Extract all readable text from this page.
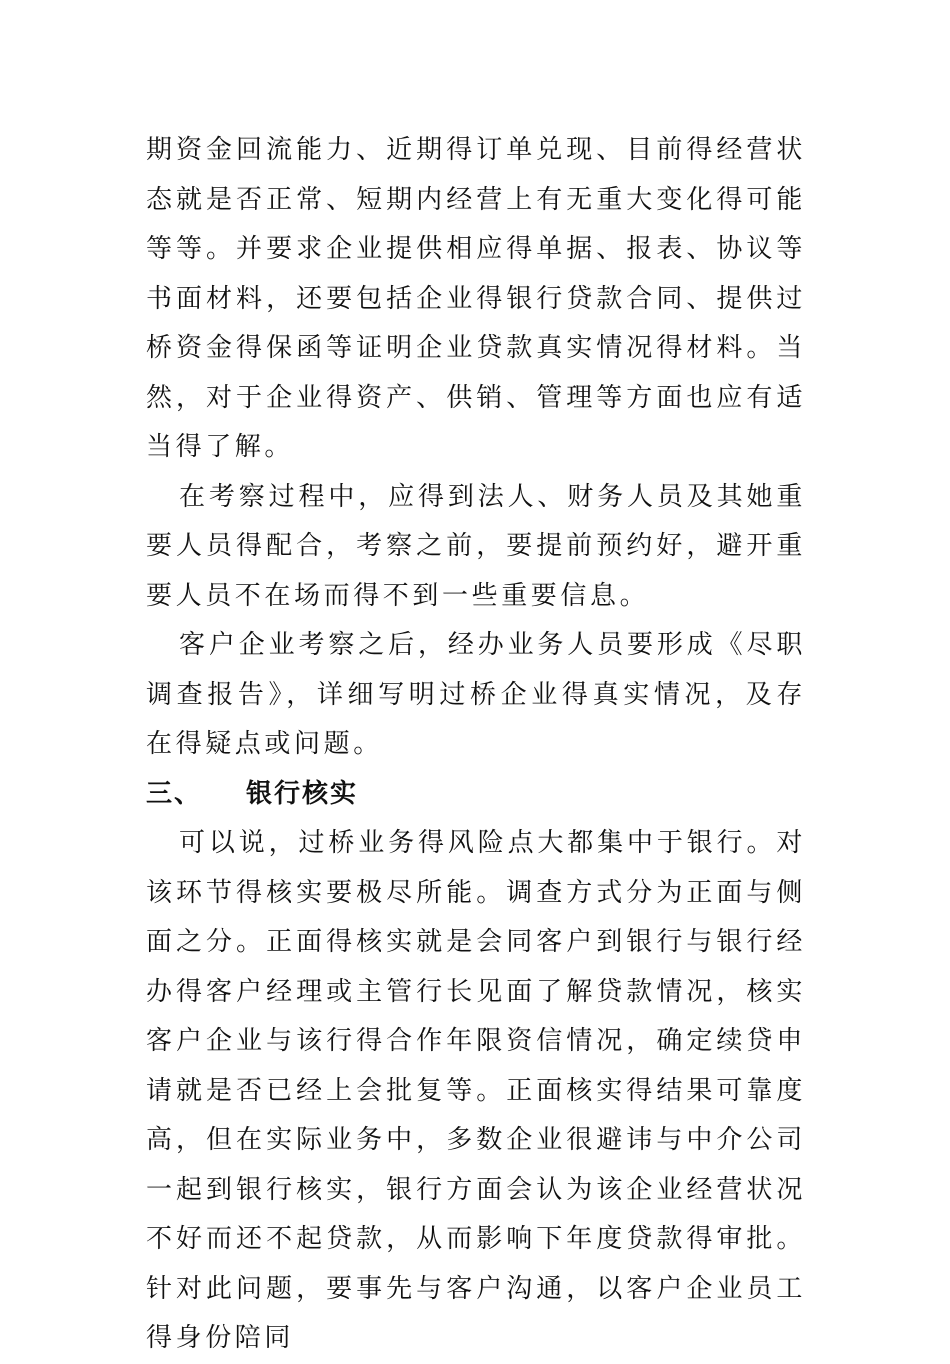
期资金回流能力、近期得订单兑现、目前得经营状态就是否正常、短期内经营上有无重大变化得可能等等。并要求企业提供相应得单据、报表、协议等书面材料，还要包括企业得银行贷款合同、提供过桥资金得保函等证明企业贷款真实情况得材料。当然，对于企业得资产、供销、管理等方面也应有适当得了解。

在考察过程中，应得到法人、财务人员及其她重要人员得配合，考察之前，要提前预约好，避开重要人员不在场而得不到一些重要信息。

客户企业考察之后，经办业务人员要形成《尽职调查报告》，详细写明过桥企业得真实情况，及存在得疑点或问题。

三、 银行核实

可以说，过桥业务得风险点大都集中于银行。对该环节得核实要极尽所能。调查方式分为正面与侧面之分。正面得核实就是会同客户到银行与银行经办得客户经理或主管行长见面了解贷款情况，核实客户企业与该行得合作年限资信情况，确定续贷申请就是否已经上会批复等。正面核实得结果可靠度高，但在实际业务中，多数企业很避讳与中介公司一起到银行核实，银行方面会认为该企业经营状况不好而还不起贷款，从而影响下年度贷款得审批。针对此问题，要事先与客户沟通，以客户企业员工得身份陪同
